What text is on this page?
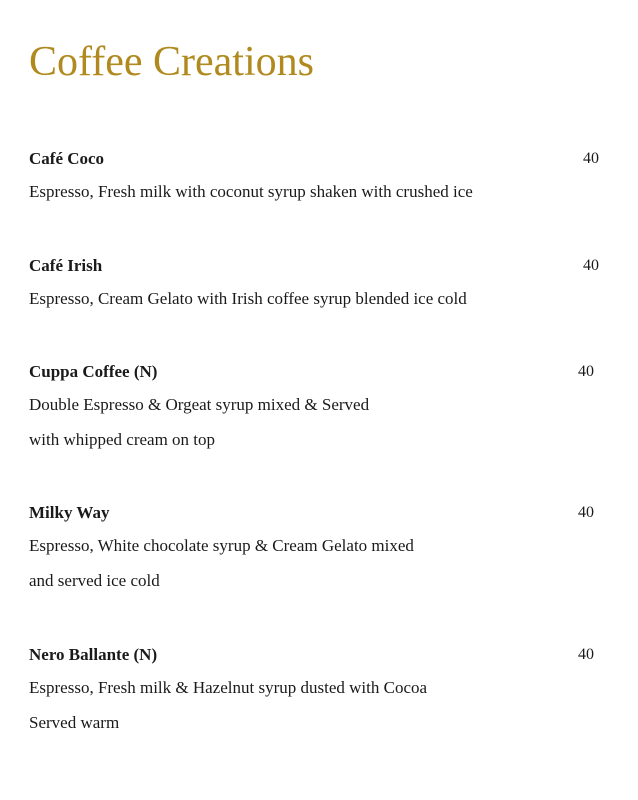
Coffee Creations
Café Coco	40
Espresso, Fresh milk with coconut syrup shaken with crushed ice
Café Irish	40
Espresso, Cream Gelato with Irish coffee syrup blended ice cold
Cuppa Coffee (N)	40
Double Espresso & Orgeat syrup mixed & Served
with whipped cream on top
Milky Way	40
Espresso, White chocolate syrup & Cream Gelato mixed
and served ice cold
Nero Ballante (N)	40
Espresso, Fresh milk & Hazelnut syrup dusted with Cocoa
Served warm
